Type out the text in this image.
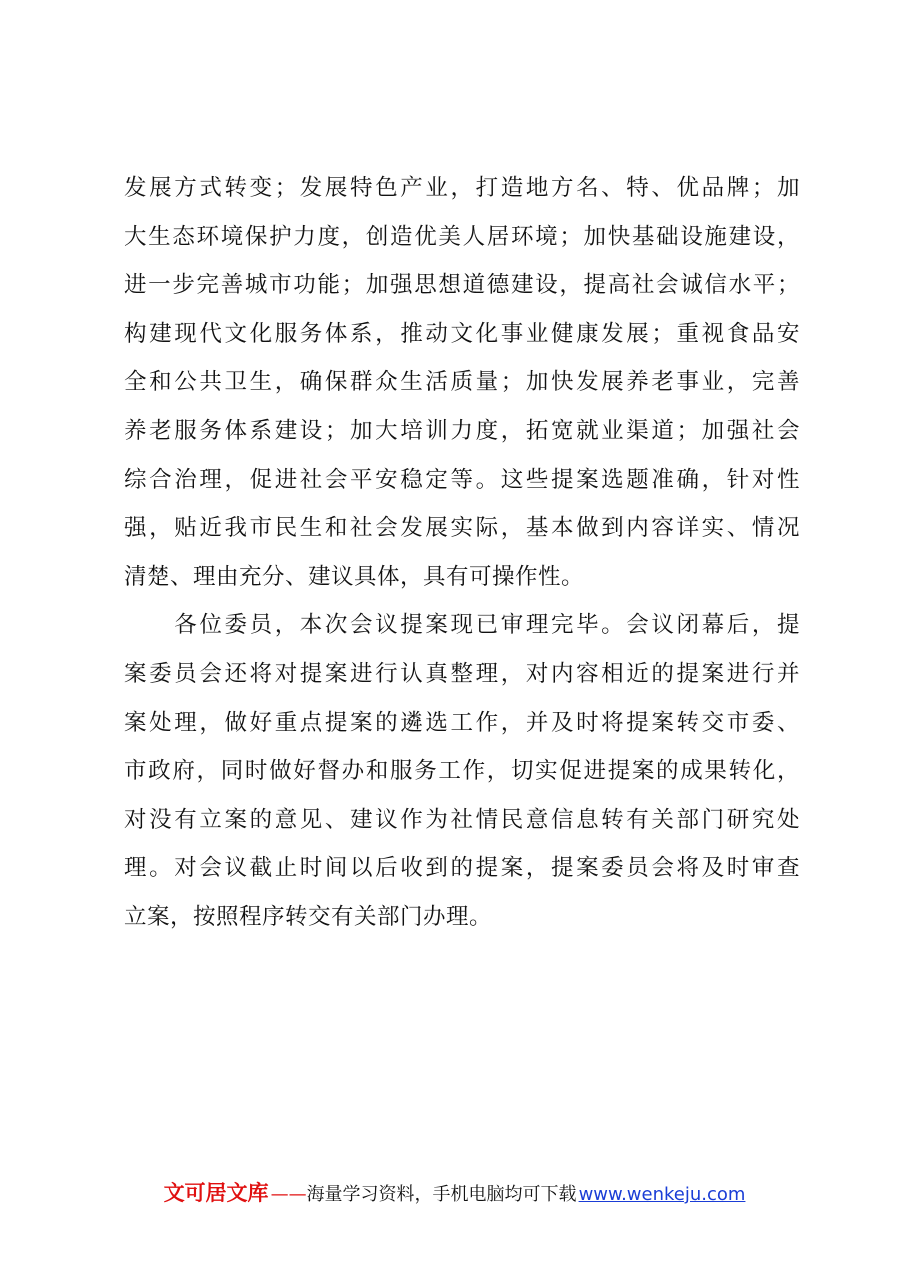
发展方式转变；发展特色产业，打造地方名、特、优品牌；加
大生态环境保护力度，创造优美人居环境；加快基础设施建设，
进一步完善城市功能；加强思想道德建设，提高社会诚信水平；
构建现代文化服务体系，推动文化事业健康发展；重视食品安
全和公共卫生，确保群众生活质量；加快发展养老事业，完善
养老服务体系建设；加大培训力度，拓宽就业渠道；加强社会
综合治理，促进社会平安稳定等。这些提案选题准确，针对性
强，贴近我市民生和社会发展实际，基本做到内容详实、情况
清楚、理由充分、建议具体，具有可操作性。
　　各位委员，本次会议提案现已审理完毕。会议闭幕后，提
案委员会还将对提案进行认真整理，对内容相近的提案进行并
案处理，做好重点提案的遴选工作，并及时将提案转交市委、
市政府，同时做好督办和服务工作，切实促进提案的成果转化，
对没有立案的意见、建议作为社情民意信息转有关部门研究处
理。对会议截止时间以后收到的提案，提案委员会将及时审查
立案，按照程序转交有关部门办理。
文可居文库 ——海量学习资料，手机电脑均可下载 www.wenkeju.com
